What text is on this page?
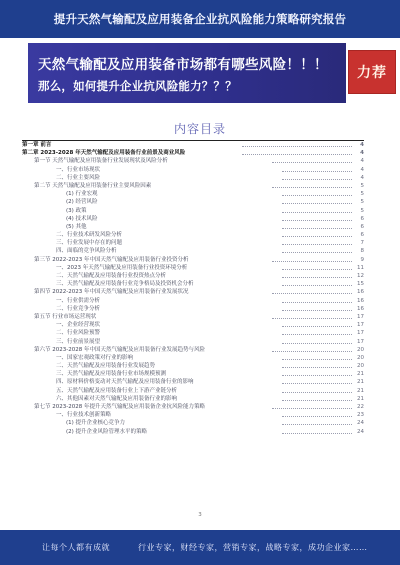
提升天然气输配及应用装备企业抗风险能力策略研究报告
天然气输配及应用装备市场都有哪些风险！！！
那么，如何提升企业抗风险能力？？？
力荐
内容目录
第一章 前言	4
第二章 2023-2028 年天然气输配及应用装备行业前景及商业风险	4
第一节 天然气输配及应用装备行业发展现状及风险分析	4
一、行业市场现状	4
二、行业主要风险	4
第二节 天然气输配及应用装备行业主要风险因素	5
(1) 行业宏观	5
(2) 经营风险	5
(3) 政策	5
(4) 技术风险	6
(5) 其他	6
二、行业技术研发风险分析	6
三、行业发展中存在的问题	7
四、面临的竞争风险分析	8
第三节 2022-2023 年中国天然气输配及应用装备行业投资分析	9
一、2023 年天然气输配及应用装备行业投资环境分析	11
二、天然气输配及应用装备行业投资热点分析	12
三、天然气输配及应用装备行业竞争格局及投资机会分析	15
第四节 2022-2023 年中国天然气输配及应用装备行业发展状况	16
一、行业供需分析	16
二、行业竞争分析	16
第五节 行业市场运营现状	17
一、企业经营现状	17
二、行业风险预警	17
三、行业前景展望	17
第六节 2023-2028 年中国天然气输配及应用装备行业发展趋势与风险	20
一、国家宏观政策对行业的影响	20
二、天然气输配及应用装备行业发展趋势	20
三、天然气输配及应用装备行业市场规模预测	21
四、原材料价格变动对天然气输配及应用装备行业的影响	21
五、天然气输配及应用装备行业上下游产业链分析	21
六、其他因素对天然气输配及应用装备行业的影响	21
第七节 2023-2028 年提升天然气输配及应用装备企业抗风险能力策略	22
一、行业技术创新策略	23
(1) 提升企业核心竞争力	24
(2) 提升企业风险管理水平的策略	24
3
让每个人都有成就	行业专家，财经专家，营销专家，战略专家，成功企业家……
